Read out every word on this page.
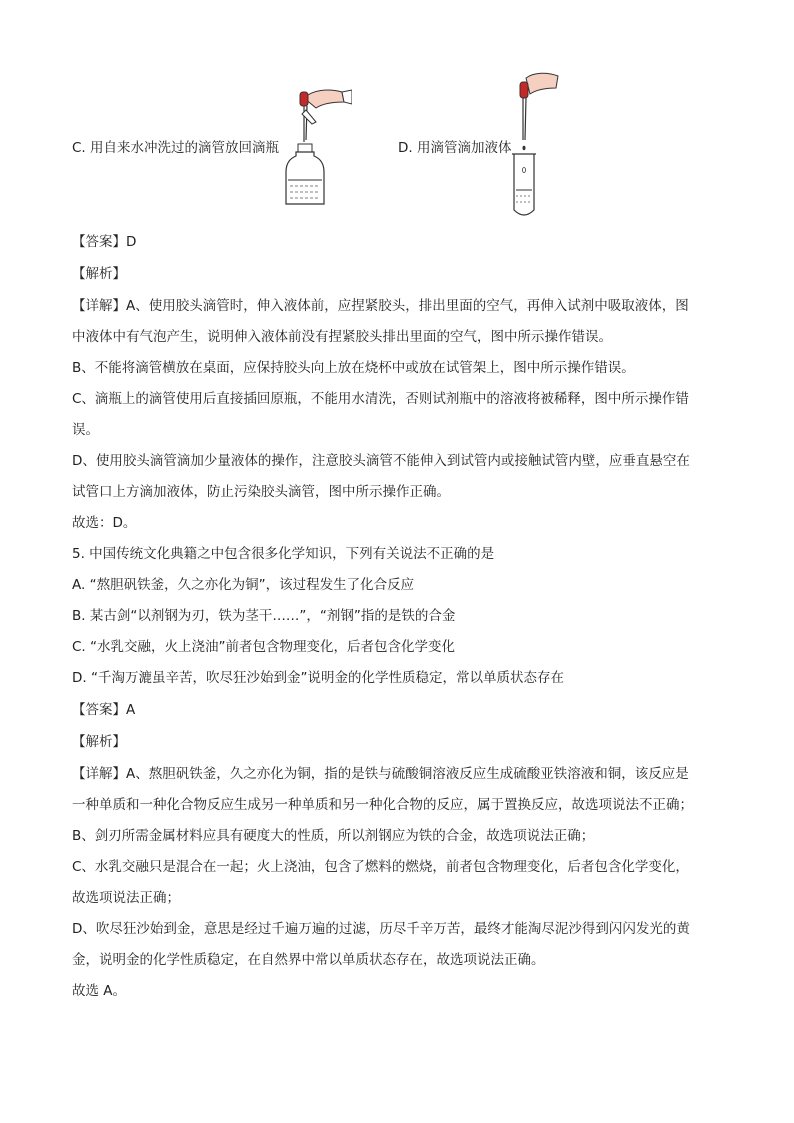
C. 用自来水冲洗过的滴管放回滴瓶	D. 用滴管滴加液体
【答案】D
【解析】
【详解】A、使用胶头滴管时，伸入液体前，应捏紧胶头，排出里面的空气，再伸入试剂中吸取液体，图
中液体中有气泡产生，说明伸入液体前没有捏紧胶头排出里面的空气，图中所示操作错误。
B、不能将滴管横放在桌面，应保持胶头向上放在烧杯中或放在试管架上，图中所示操作错误。
C、滴瓶上的滴管使用后直接插回原瓶，不能用水清洗，否则试剂瓶中的溶液将被稀释，图中所示操作错
误。
D、使用胶头滴管滴加少量液体的操作，注意胶头滴管不能伸入到试管内或接触试管内壁，应垂直悬空在
试管口上方滴加液体，防止污染胶头滴管，图中所示操作正确。
故选：D。
5. 中国传统文化典籍之中包含很多化学知识，下列有关说法不正确的是
A. “熬胆矾铁釜，久之亦化为铜”，该过程发生了化合反应
B. 某古剑“以剂钢为刃，铁为茎干……”，“剂钢”指的是铁的合金
C. “水乳交融，火上浇油”前者包含物理变化，后者包含化学变化
D. “千淘万漉虽辛苦，吹尽狂沙始到金”说明金的化学性质稳定，常以单质状态存在
【答案】A
【解析】
【详解】A、熬胆矾铁釜，久之亦化为铜，指的是铁与硫酸铜溶液反应生成硫酸亚铁溶液和铜，该反应是
一种单质和一种化合物反应生成另一种单质和另一种化合物的反应，属于置换反应，故选项说法不正确；
B、剑刃所需金属材料应具有硬度大的性质，所以剂钢应为铁的合金，故选项说法正确；
C、水乳交融只是混合在一起；火上浇油，包含了燃料的燃烧，前者包含物理变化，后者包含化学变化，
故选项说法正确；
D、吹尽狂沙始到金，意思是经过千遍万遍的过滤，历尽千辛万苦，最终才能淘尽泥沙得到闪闪发光的黄
金，说明金的化学性质稳定，在自然界中常以单质状态存在，故选项说法正确。
故选 A。
